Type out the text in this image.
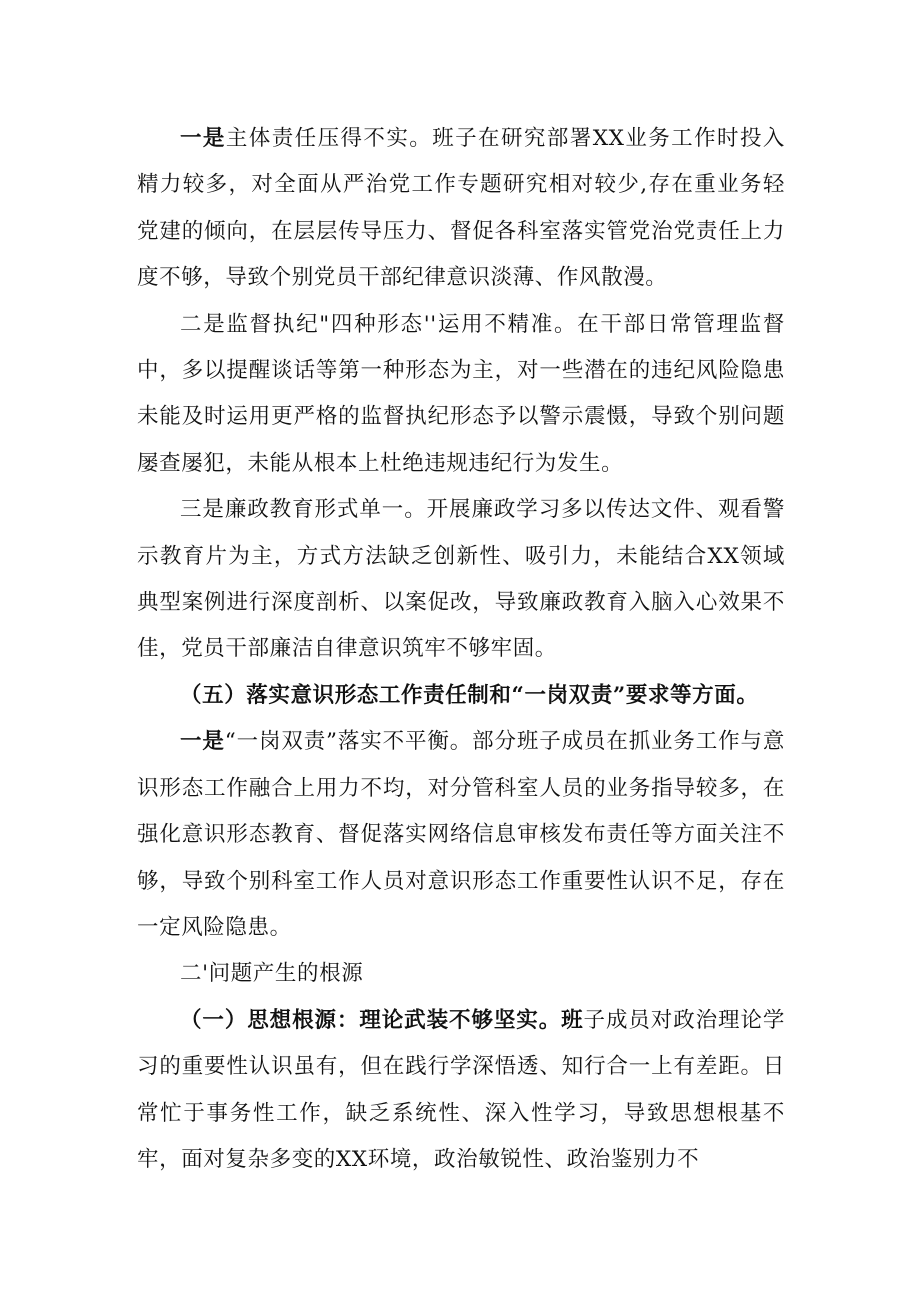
一是主体责任压得不实。班子在研究部署XX业务工作时投入精力较多，对全面从严治党工作专题研究相对较少,存在重业务轻党建的倾向，在层层传导压力、督促各科室落实管党治党责任上力度不够，导致个别党员干部纪律意识淡薄、作风散漫。

二是监督执纪"四种形态''运用不精准。在干部日常管理监督中，多以提醒谈话等第一种形态为主，对一些潜在的违纪风险隐患未能及时运用更严格的监督执纪形态予以警示震慑，导致个别问题屡查屡犯，未能从根本上杜绝违规违纪行为发生。

三是廉政教育形式单一。开展廉政学习多以传达文件、观看警示教育片为主，方式方法缺乏创新性、吸引力，未能结合XX领域典型案例进行深度剖析、以案促改，导致廉政教育入脑入心效果不佳，党员干部廉洁自律意识筑牢不够牢固。

（五）落实意识形态工作责任制和“一岗双责”要求等方面。

一是“一岗双责”落实不平衡。部分班子成员在抓业务工作与意识形态工作融合上用力不均，对分管科室人员的业务指导较多，在强化意识形态教育、督促落实网络信息审核发布责任等方面关注不够，导致个别科室工作人员对意识形态工作重要性认识不足，存在一定风险隐患。

二'问题产生的根源

（一）思想根源：理论武装不够坚实。班子成员对政治理论学习的重要性认识虽有，但在践行学深悟透、知行合一上有差距。日常忙于事务性工作，缺乏系统性、深入性学习，导致思想根基不牢，面对复杂多变的XX环境，政治敏锐性、政治鉴别力不
